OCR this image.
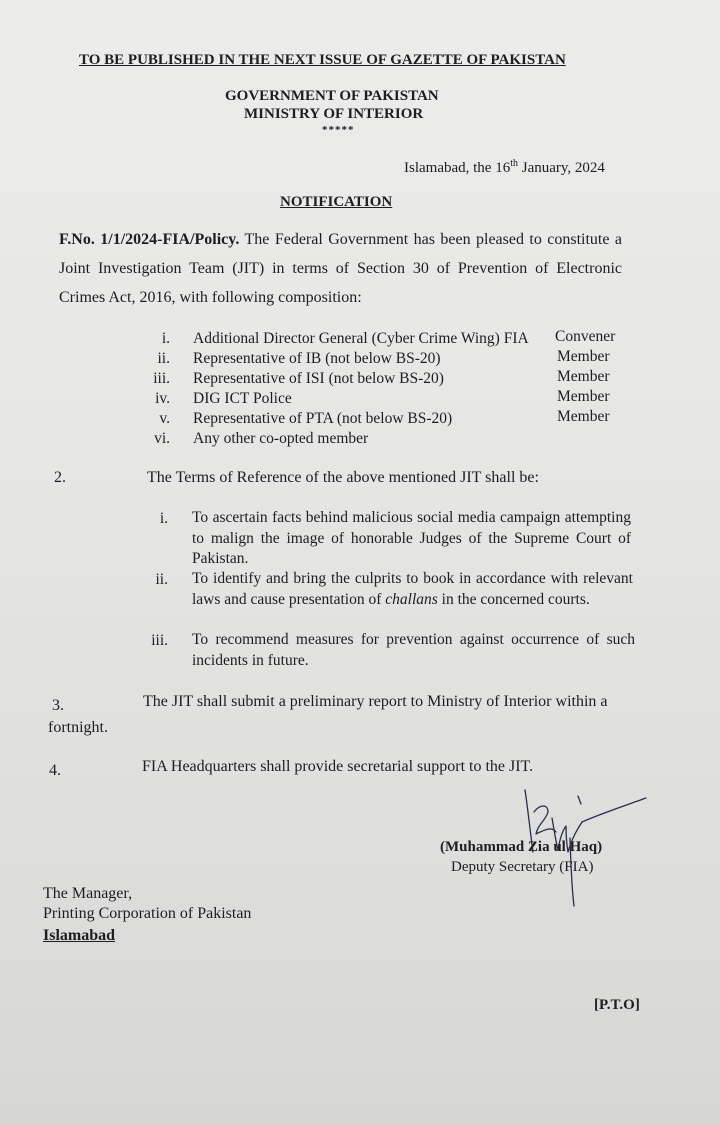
TO BE PUBLISHED IN THE NEXT ISSUE OF GAZETTE OF PAKISTAN
GOVERNMENT OF PAKISTAN
MINISTRY OF INTERIOR
*****
Islamabad, the 16th January, 2024
NOTIFICATION
F.No. 1/1/2024-FIA/Policy. The Federal Government has been pleased to constitute a Joint Investigation Team (JIT) in terms of Section 30 of Prevention of Electronic Crimes Act, 2016, with following composition:
i. Additional Director General (Cyber Crime Wing) FIA Convener
ii. Representative of IB (not below BS-20)	Member
iii. Representative of ISI (not below BS-20)	Member
iv. DIG ICT Police	Member
v. Representative of PTA (not below BS-20)	Member
vi. Any other co-opted member
2.	The Terms of Reference of the above mentioned JIT shall be:
i. To ascertain facts behind malicious social media campaign attempting to malign the image of honorable Judges of the Supreme Court of Pakistan.
ii. To identify and bring the culprits to book in accordance with relevant laws and cause presentation of challans in the concerned courts.
iii. To recommend measures for prevention against occurrence of such incidents in future.
3.	The JIT shall submit a preliminary report to Ministry of Interior within a
fortnight.
4.	FIA Headquarters shall provide secretarial support to the JIT.
(Muhammad Zia ul Haq)
Deputy Secretary (FIA)
The Manager,
Printing Corporation of Pakistan
Islamabad
[P.T.O]
